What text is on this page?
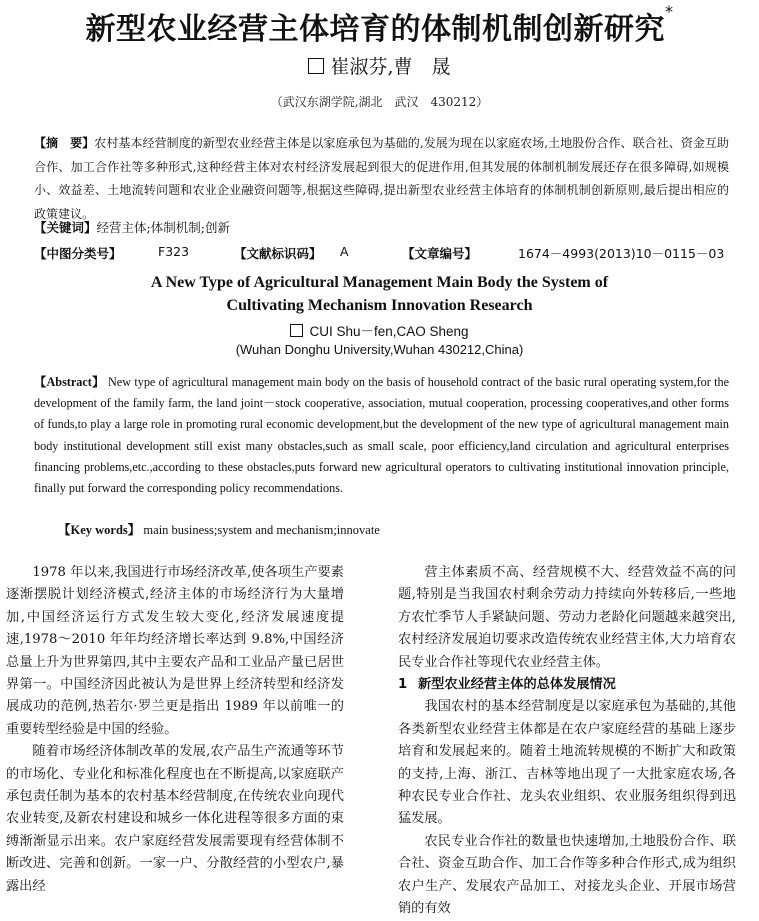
新型农业经营主体培育的体制机制创新研究*
崔淑芬,曹　晟
（武汉东湖学院,湖北　武汉　430212）
【摘　要】农村基本经营制度的新型农业经营主体是以家庭承包为基础的,发展为现在以家庭农场,土地股份合作、联合社、资金互助合作、加工合作社等多种形式,这种经营主体对农村经济发展起到很大的促进作用,但其发展的体制机制发展还存在很多障碍,如规模小、效益差、土地流转问题和农业企业融资问题等,根据这些障碍,提出新型农业经营主体培育的体制机制创新原则,最后提出相应的政策建议。
【关键词】经营主体;体制机制;创新
【中图分类号】	F323	【文献标识码】 A	【文章编号】	1674－4993(2013)10－0115－03
A New Type of Agricultural Management Main Body the System of
Cultivating Mechanism Innovation Research
CUI Shu－fen,CAO Sheng
(Wuhan Donghu University,Wuhan 430212,China)
【Abstract】 New type of agricultural management main body on the basis of household contract of the basic rural operating system,for the development of the family farm, the land joint－stock cooperative, association, mutual cooperation, processing cooperatives,and other forms of funds,to play a large role in promoting rural economic development,but the development of the new type of agricultural management main body institutional development still exist many obstacles,such as small scale, poor efficiency,land circulation and agricultural enterprises financing problems,etc.,according to these obstacles,puts forward new agricultural operators to cultivating institutional innovation principle, finally put forward the corresponding policy recommendations.
【Key words】 main business;system and mechanism;innovate

1978 年以来,我国进行市场经济改革,使各项生产要素逐渐摆脱计划经济模式,经济主体的市场经济行为大量增加,中国经济运行方式发生较大变化,经济发展速度提速,1978～2010 年年均经济增长率达到 9.8%,中国经济总量上升为世界第四,其中主要农产品和工业品产量已居世界第一。中国经济因此被认为是世界上经济转型和经济发展成功的范例,热若尔·罗兰更是指出 1989 年以前唯一的重要转型经验是中国的经验。

随着市场经济体制改革的发展,农产品生产流通等环节的市场化、专业化和标准化程度也在不断提高,以家庭联产承包责任制为基本的农村基本经营制度,在传统农业向现代农业转变,及新农村建设和城乡一体化进程等很多方面的束缚渐渐显示出来。农户家庭经营发展需要现有经营体制不断改进、完善和创新。一家一户、分散经营的小型农户,暴露出经

营主体素质不高、经营规模不大、经营效益不高的问题,特别是当我国农村剩余劳动力持续向外转移后,一些地方农忙季节人手紧缺问题、劳动力老龄化问题越来越突出,农村经济发展迫切要求改造传统农业经营主体,大力培育农民专业合作社等现代农业经营主体。

1 新型农业经营主体的总体发展情况

我国农村的基本经营制度是以家庭承包为基础的,其他各类新型农业经营主体都是在农户家庭经营的基础上逐步培育和发展起来的。随着土地流转规模的不断扩大和政策的支持,上海、浙江、吉林等地出现了一大批家庭农场,各种农民专业合作社、龙头农业组织、农业服务组织得到迅猛发展。

农民专业合作社的数量也快速增加,土地股份合作、联合社、资金互助合作、加工合作等多种合作形式,成为组织农户生产、发展农产品加工、对接龙头企业、开展市场营销的有效
